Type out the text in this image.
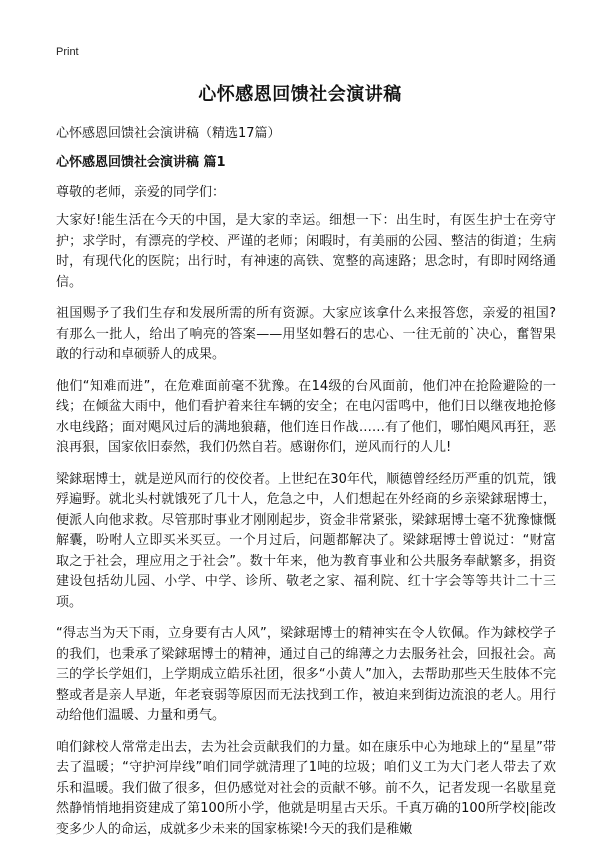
Print
心怀感恩回馈社会演讲稿
心怀感恩回馈社会演讲稿（精选17篇）
心怀感恩回馈社会演讲稿 篇1
尊敬的老师，亲爱的同学们：

大家好!能生活在今天的中国，是大家的幸运。细想一下：出生时，有医生护士在旁守护；求学时，有漂亮的学校、严谨的老师；闲暇时，有美丽的公园、整洁的街道；生病时，有现代化的医院；出行时，有神速的高铁、宽整的高速路；思念时，有即时网络通信。

祖国赐予了我们生存和发展所需的所有资源。大家应该拿什么来报答您，亲爱的祖国?有那么一批人，给出了响亮的答案——用坚如磐石的忠心、一往无前的`决心，奮智果敢的行动和卓硕骄人的成果。

他们“知难而进”，在危难面前毫不犹豫。在14级的台风面前，他们冲在抢险避险的一线；在倾盆大雨中，他们看护着来往车辆的安全；在电闪雷鸣中，他们日以继夜地抢修水电线路；面对飓风过后的满地狼藉，他们连日作战……有了他们，哪怕飓风再狂，恶浪再狠，国家依旧泰然，我们仍然自若。感谢你们，逆风而行的人儿!

梁銶琚博士，就是逆风而行的佼佼者。上世纪在30年代，顺德曾经经历严重的饥荒，饿殍遍野。就北头村就饿死了几十人，危急之中，人们想起在外经商的乡亲梁銶琚博士，便派人向他求救。尽管那时事业才刚刚起步，资金非常紧张，梁銶琚博士毫不犹豫慷慨解囊，吩咐人立即买米买豆。一个月过后，问题都解决了。梁銶琚博士曾说过：“财富取之于社会，理应用之于社会”。数十年来，他为教育事业和公共服务奉献繁多，捐资建设包括幼儿园、小学、中学、诊所、敬老之家、福利院、红十字会等等共计二十三项。

“得志当为天下雨，立身要有古人风”，梁銶琚博士的精神实在令人钦佩。作为銶校学子的我们，也秉承了梁銶琚博士的精神，通过自己的绵薄之力去服务社会，回报社会。高三的学长学姐们，上学期成立皓乐社团，很多“小黄人”加入，去帮助那些天生肢体不完整或者是亲人早逝，年老衰弱等原因而无法找到工作，被迫来到街边流浪的老人。用行动给他们温暖、力量和勇气。

咱们銶校人常常走出去，去为社会贡献我们的力量。如在康乐中心为地球上的“星星”带去了温暖；“守护河岸线”咱们同学就清理了1吨的垃圾；咱们义工为大门老人带去了欢乐和温暖。我们做了很多，但仍感觉对社会的贡献不够。前不久，记者发现一名歇星竟然静悄悄地捐资建成了第100所小学，他就是明星古天乐。千真万确的100所学校|能改变多少人的命运，成就多少未来的国家栋梁!今天的我们是稚嫩
